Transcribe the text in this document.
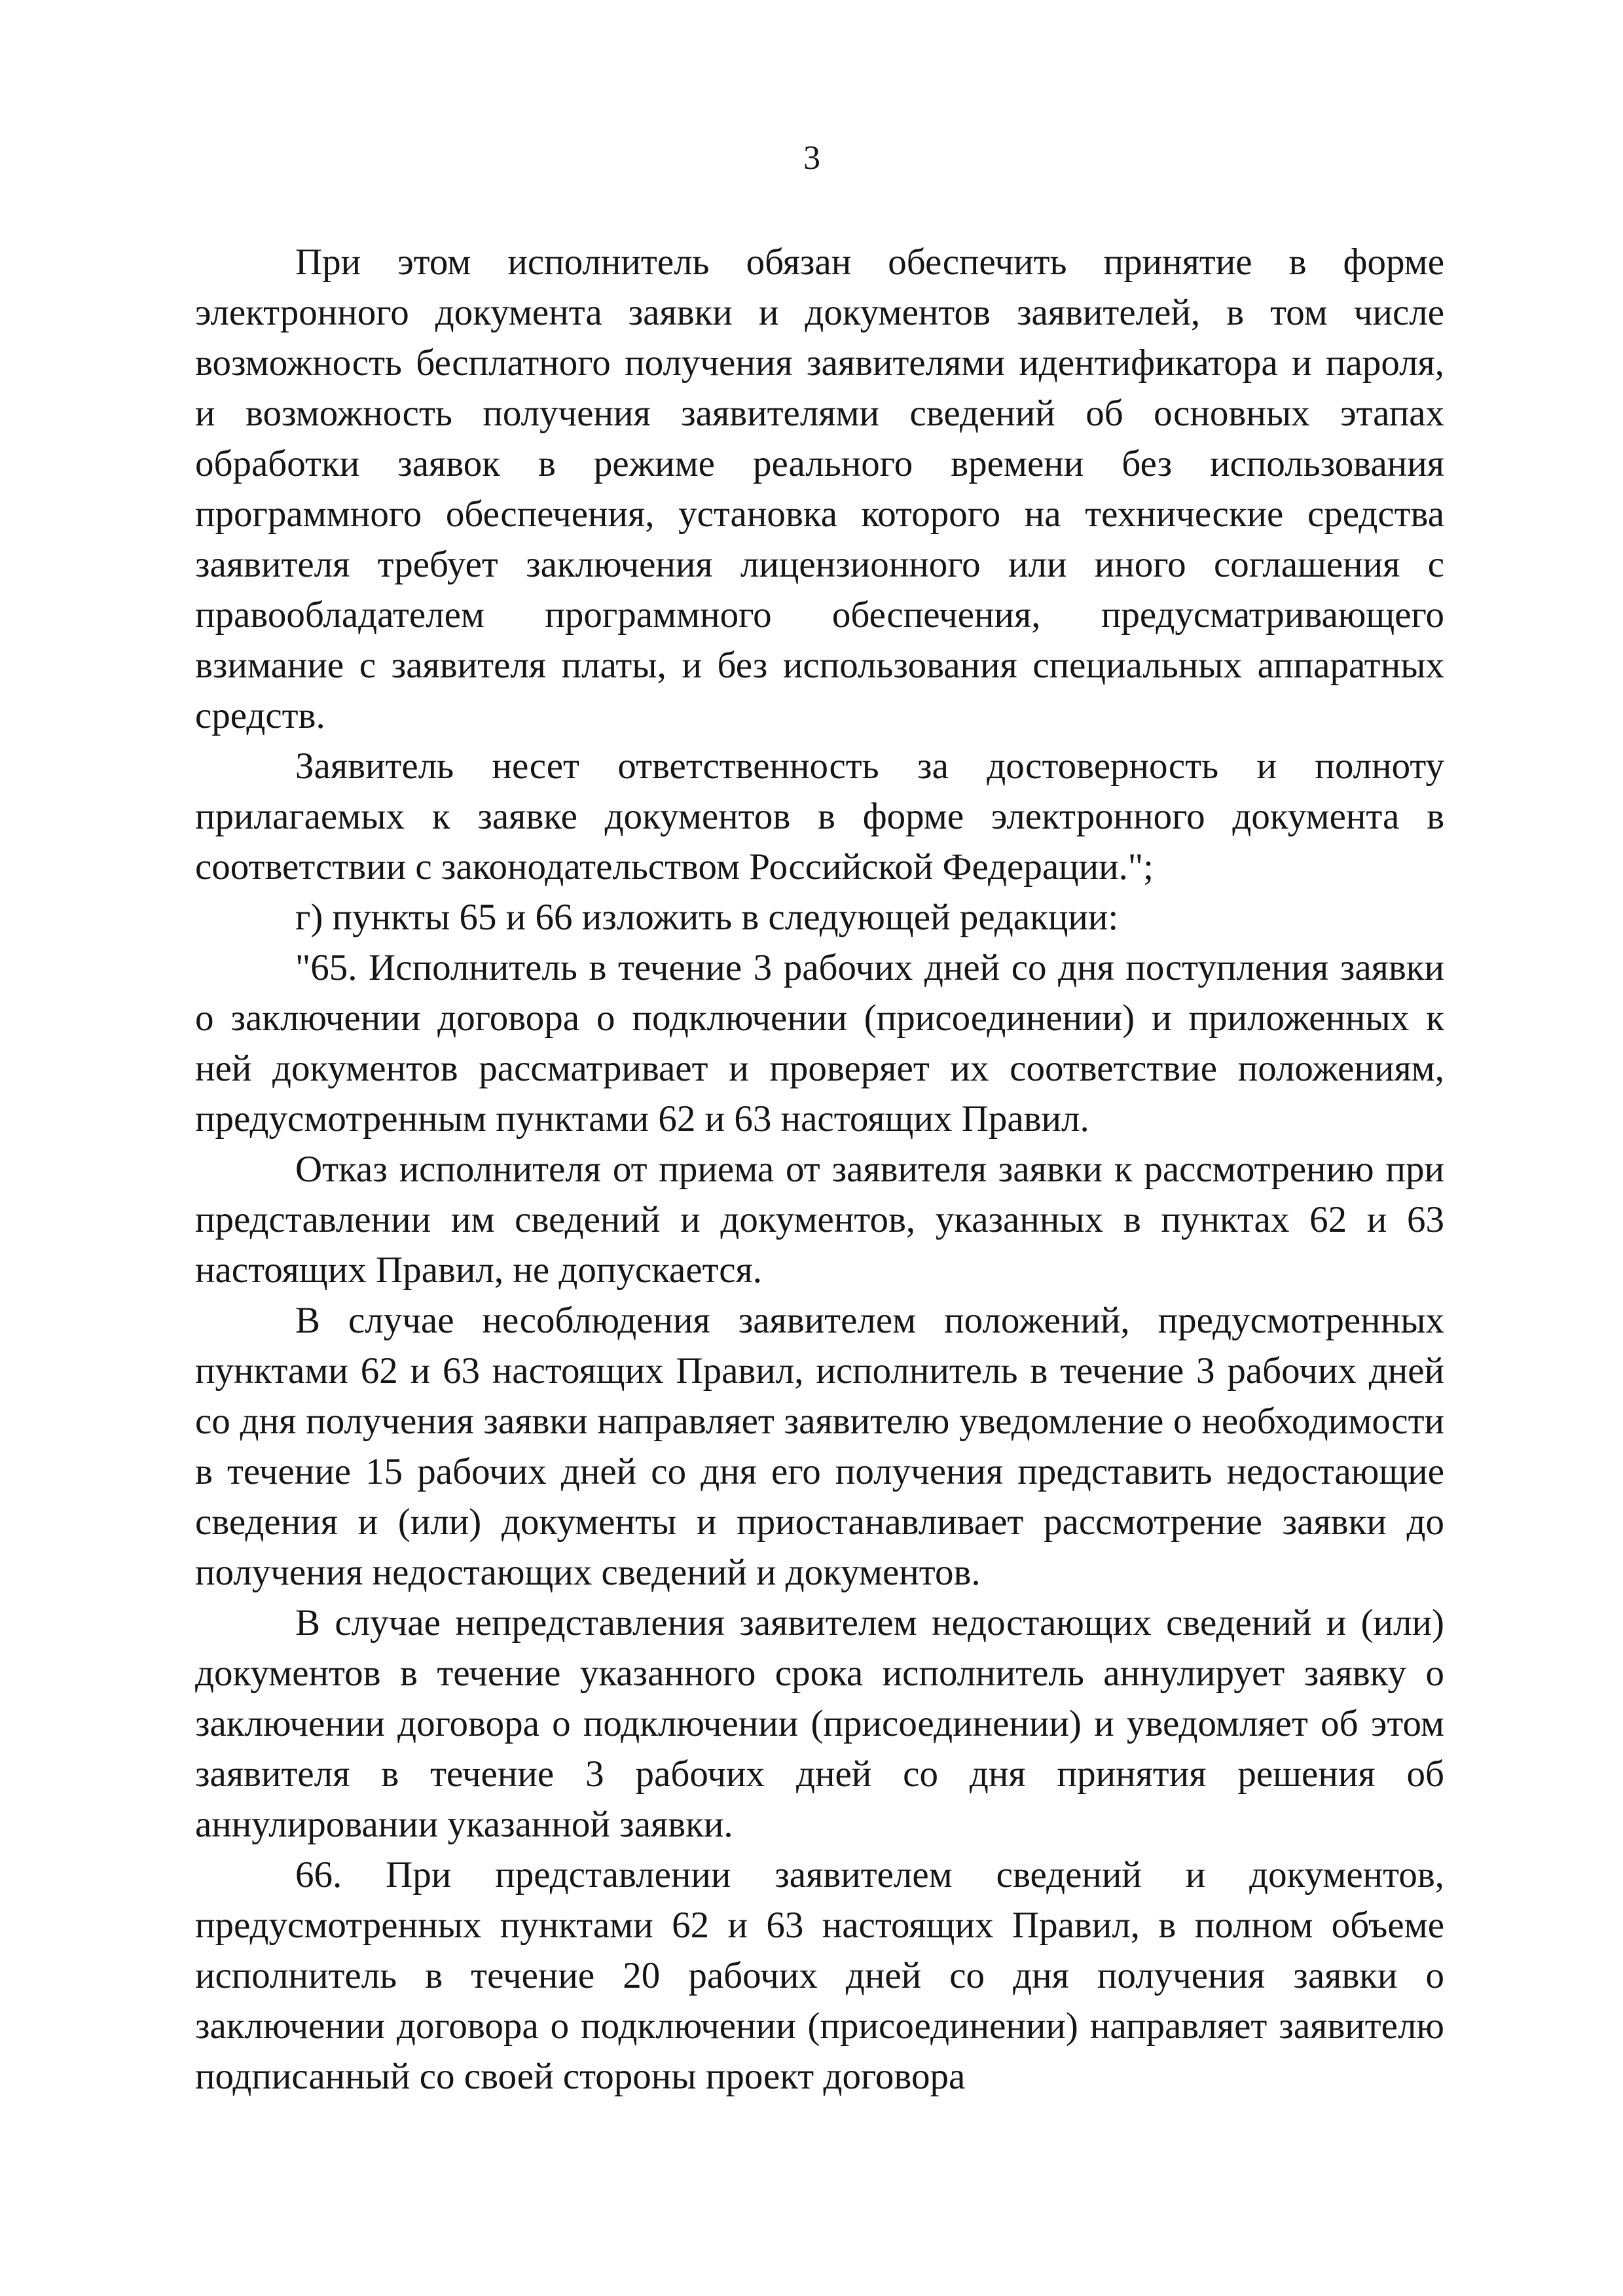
3

При этом исполнитель обязан обеспечить принятие в форме электронного документа заявки и документов заявителей, в том числе возможность бесплатного получения заявителями идентификатора и пароля, и возможность получения заявителями сведений об основных этапах обработки заявок в режиме реального времени без использования программного обеспечения, установка которого на технические средства заявителя требует заключения лицензионного или иного соглашения с правообладателем программного обеспечения, предусматривающего взимание с заявителя платы, и без использования специальных аппаратных средств.

Заявитель несет ответственность за достоверность и полноту прилагаемых к заявке документов в форме электронного документа в соответствии с законодательством Российской Федерации.";

г) пункты 65 и 66 изложить в следующей редакции:

"65. Исполнитель в течение 3 рабочих дней со дня поступления заявки о заключении договора о подключении (присоединении) и приложенных к ней документов рассматривает и проверяет их соответствие положениям, предусмотренным пунктами 62 и 63 настоящих Правил.

Отказ исполнителя от приема от заявителя заявки к рассмотрению при представлении им сведений и документов, указанных в пунктах 62 и 63 настоящих Правил, не допускается.

В случае несоблюдения заявителем положений, предусмотренных пунктами 62 и 63 настоящих Правил, исполнитель в течение 3 рабочих дней со дня получения заявки направляет заявителю уведомление о необходимости в течение 15 рабочих дней со дня его получения представить недостающие сведения и (или) документы и приостанавливает рассмотрение заявки до получения недостающих сведений и документов.

В случае непредставления заявителем недостающих сведений и (или) документов в течение указанного срока исполнитель аннулирует заявку о заключении договора о подключении (присоединении) и уведомляет об этом заявителя в течение 3 рабочих дней со дня принятия решения об аннулировании указанной заявки.

66. При представлении заявителем сведений и документов, предусмотренных пунктами 62 и 63 настоящих Правил, в полном объеме исполнитель в течение 20 рабочих дней со дня получения заявки о заключении договора о подключении (присоединении) направляет заявителю подписанный со своей стороны проект договора
